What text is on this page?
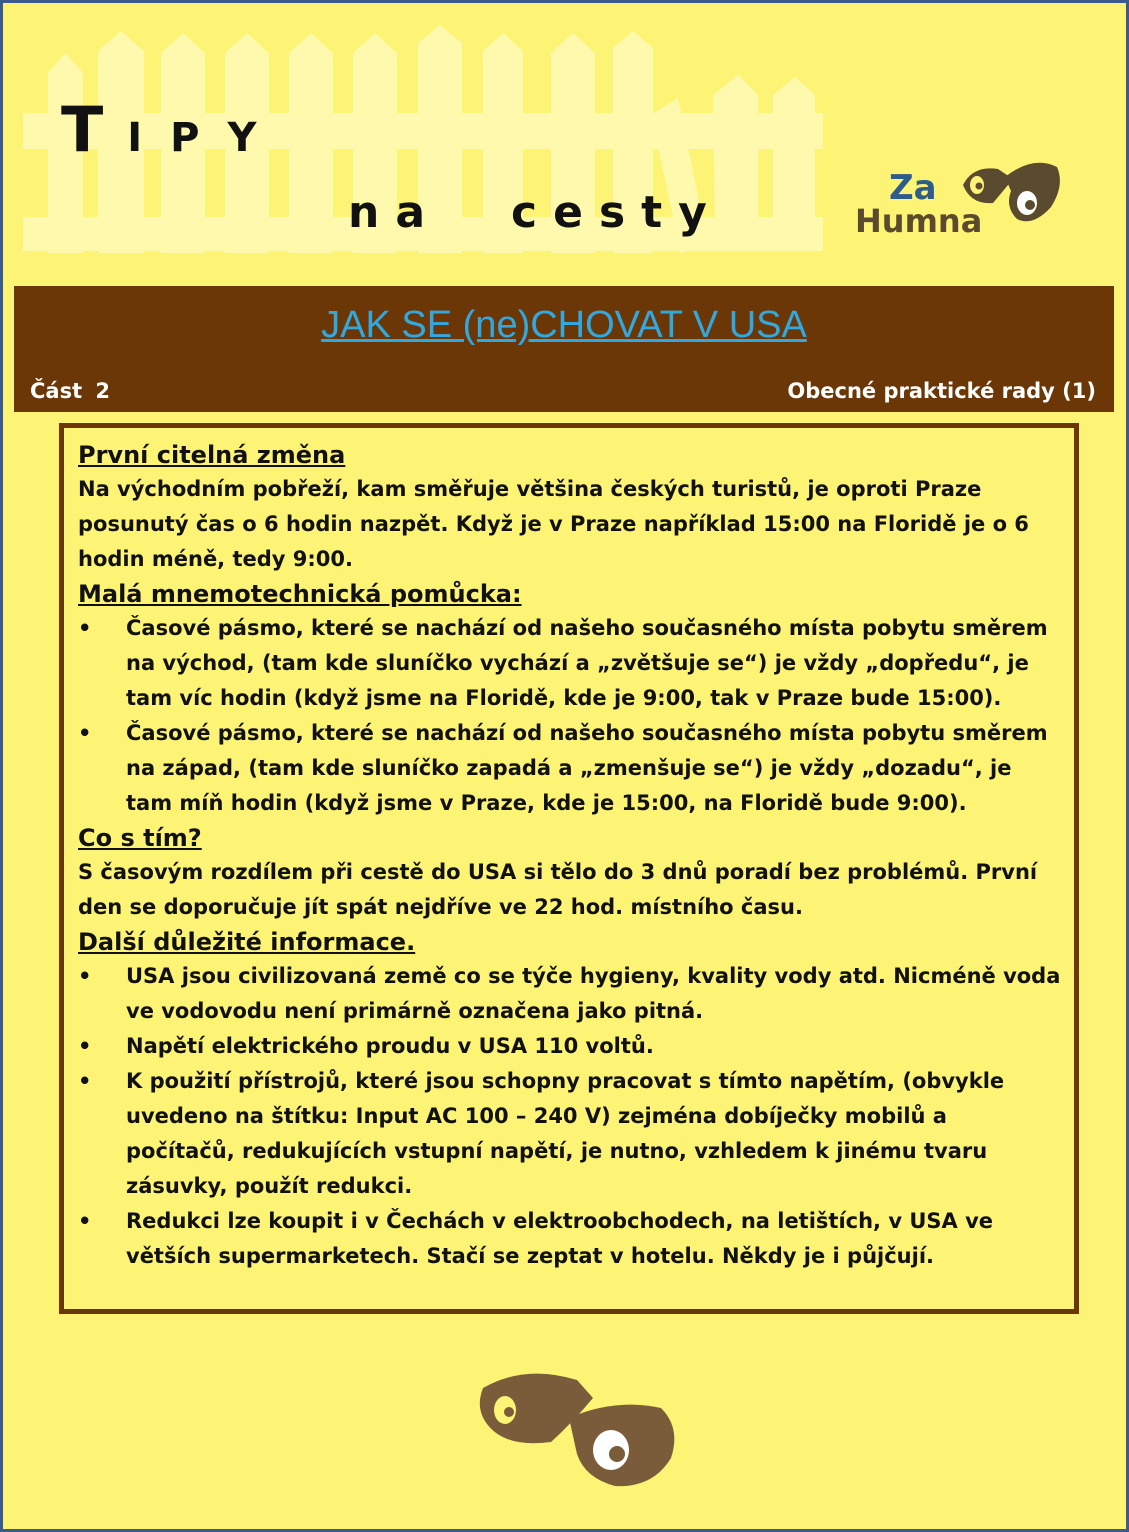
TIPY
na cesty	Za
Humna
JAK SE (ne)CHOVAT V USA
Část 2	Obecné praktické rady (1)
První citelná změna
Na východním pobřeží, kam směřuje většina českých turistů, je oproti Praze posunutý čas o 6 hodin nazpět. Když je v Praze například 15:00 na Floridě je o 6 hodin méně, tedy 9:00.
Malá mnemotechnická pomůcka:
•	Časové pásmo, které se nachází od našeho současného místa pobytu směrem na východ, (tam kde sluníčko vychází a „zvětšuje se“) je vždy „dopředu“, je tam víc hodin (když jsme na Floridě, kde je 9:00, tak v Praze bude 15:00).
•	Časové pásmo, které se nachází od našeho současného místa pobytu směrem na západ, (tam kde sluníčko zapadá a „zmenšuje se“) je vždy „dozadu“, je tam míň hodin (když jsme v Praze, kde je 15:00, na Floridě bude 9:00).
Co s tím?
S časovým rozdílem při cestě do USA si tělo do 3 dnů poradí bez problémů. První den se doporučuje jít spát nejdříve ve 22 hod. místního času.
Další důležité informace.
•	USA jsou civilizovaná země co se týče hygieny, kvality vody atd. Nicméně voda ve vodovodu není primárně označena jako pitná.
•	Napětí elektrického proudu v USA 110 voltů.
•	K použití přístrojů, které jsou schopny pracovat s tímto napětím, (obvykle uvedeno na štítku: Input AC 100 – 240 V) zejména dobíječky mobilů a počítačů, redukujících vstupní napětí, je nutno, vzhledem k jinému tvaru zásuvky, použít redukci.
•	Redukci lze koupit i v Čechách v elektroobchodech, na letištích, v USA ve větších supermarketech. Stačí se zeptat v hotelu. Někdy je i půjčují.
